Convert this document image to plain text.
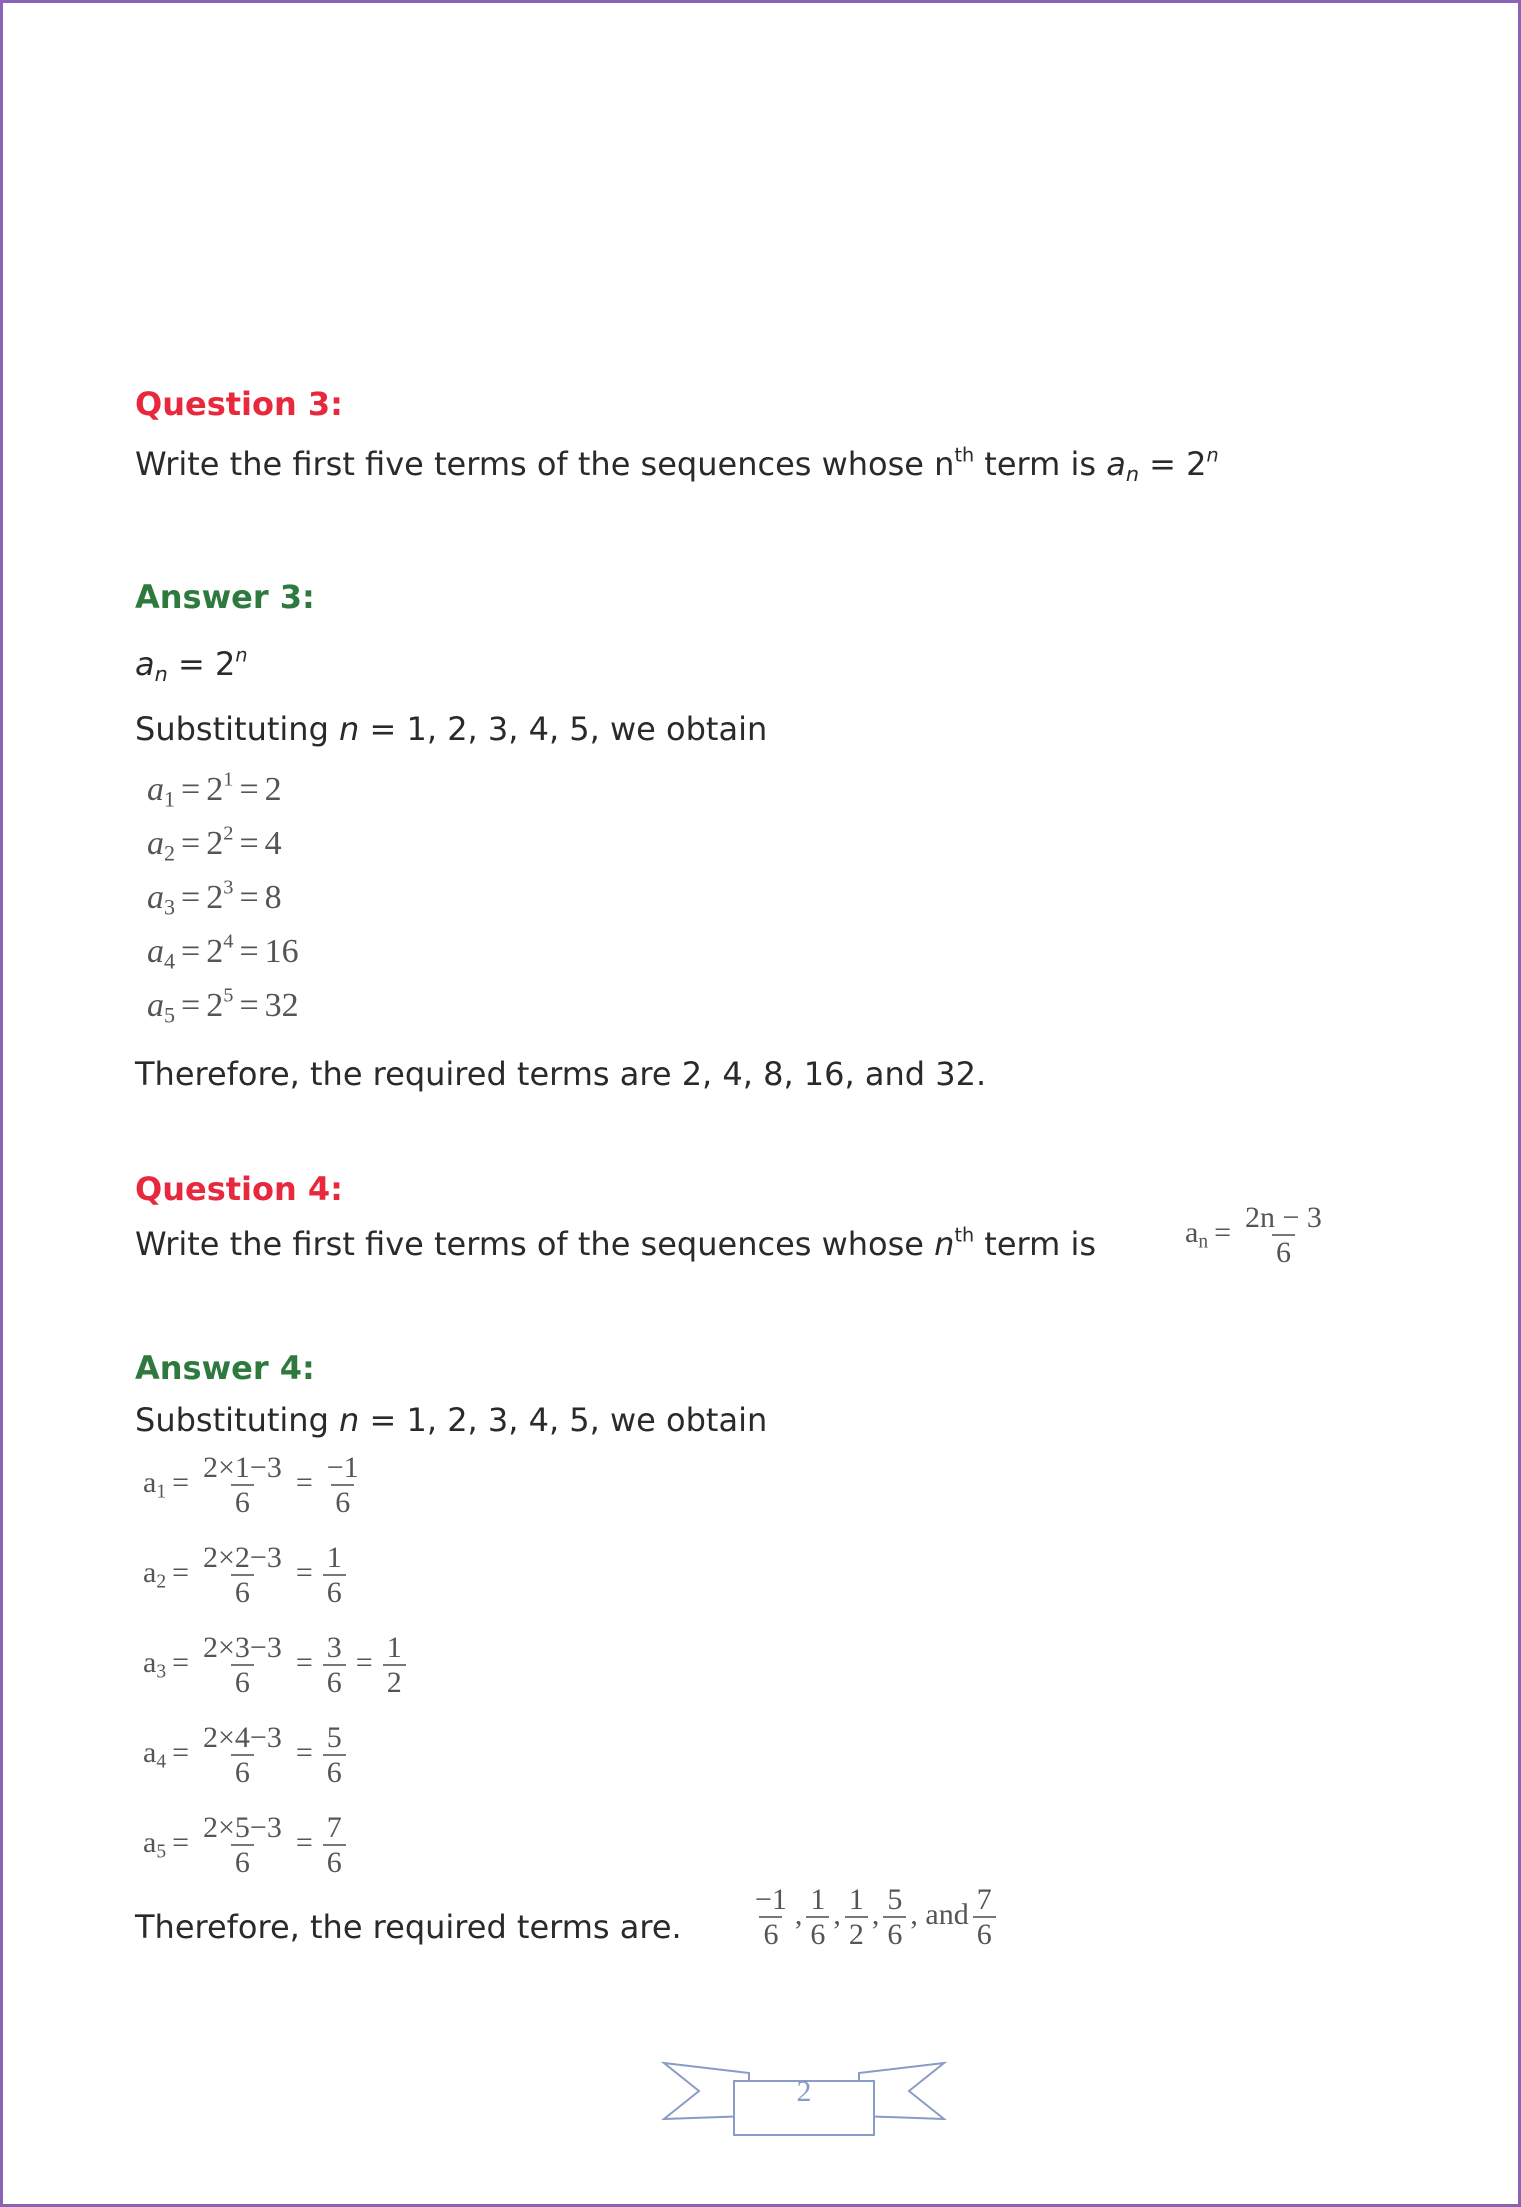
Question 3:
Write the first five terms of the sequences whose $n^{th}$ term is $a_n = 2^n$
Answer 3:
$a_n = 2^n$
Substituting n = 1, 2, 3, 4, 5, we obtain
$a_1 = 2^1 = 2$
$a_2 = 2^2 = 4$
$a_3 = 2^3 = 8$
$a_4 = 2^4 = 16$
$a_5 = 2^5 = 32$
Therefore, the required terms are 2, 4, 8, 16, and 32.
Question 4:
Write the first five terms of the sequences whose $n^{th}$ term is	$a_n = \frac{2n - 3}{6}$
Answer 4:
Substituting n = 1, 2, 3, 4, 5, we obtain
$a_1 = \frac{2\times 1-3}{6} = \frac{-1}{6}$
$a_2 = \frac{2\times 2-3}{6} = \frac{1}{6}$
$a_3 = \frac{2\times 3-3}{6} = \frac{3}{6} = \frac{1}{2}$
$a_4 = \frac{2\times 4-3}{6} = \frac{5}{6}$
$a_5 = \frac{2\times 5-3}{6} = \frac{7}{6}$
Therefore, the required terms are. $\frac{-1}{6}$ , $\frac{1}{6}$ , $\frac{1}{2}$ , $\frac{5}{6}$ , and $\frac{7}{6}$
2
